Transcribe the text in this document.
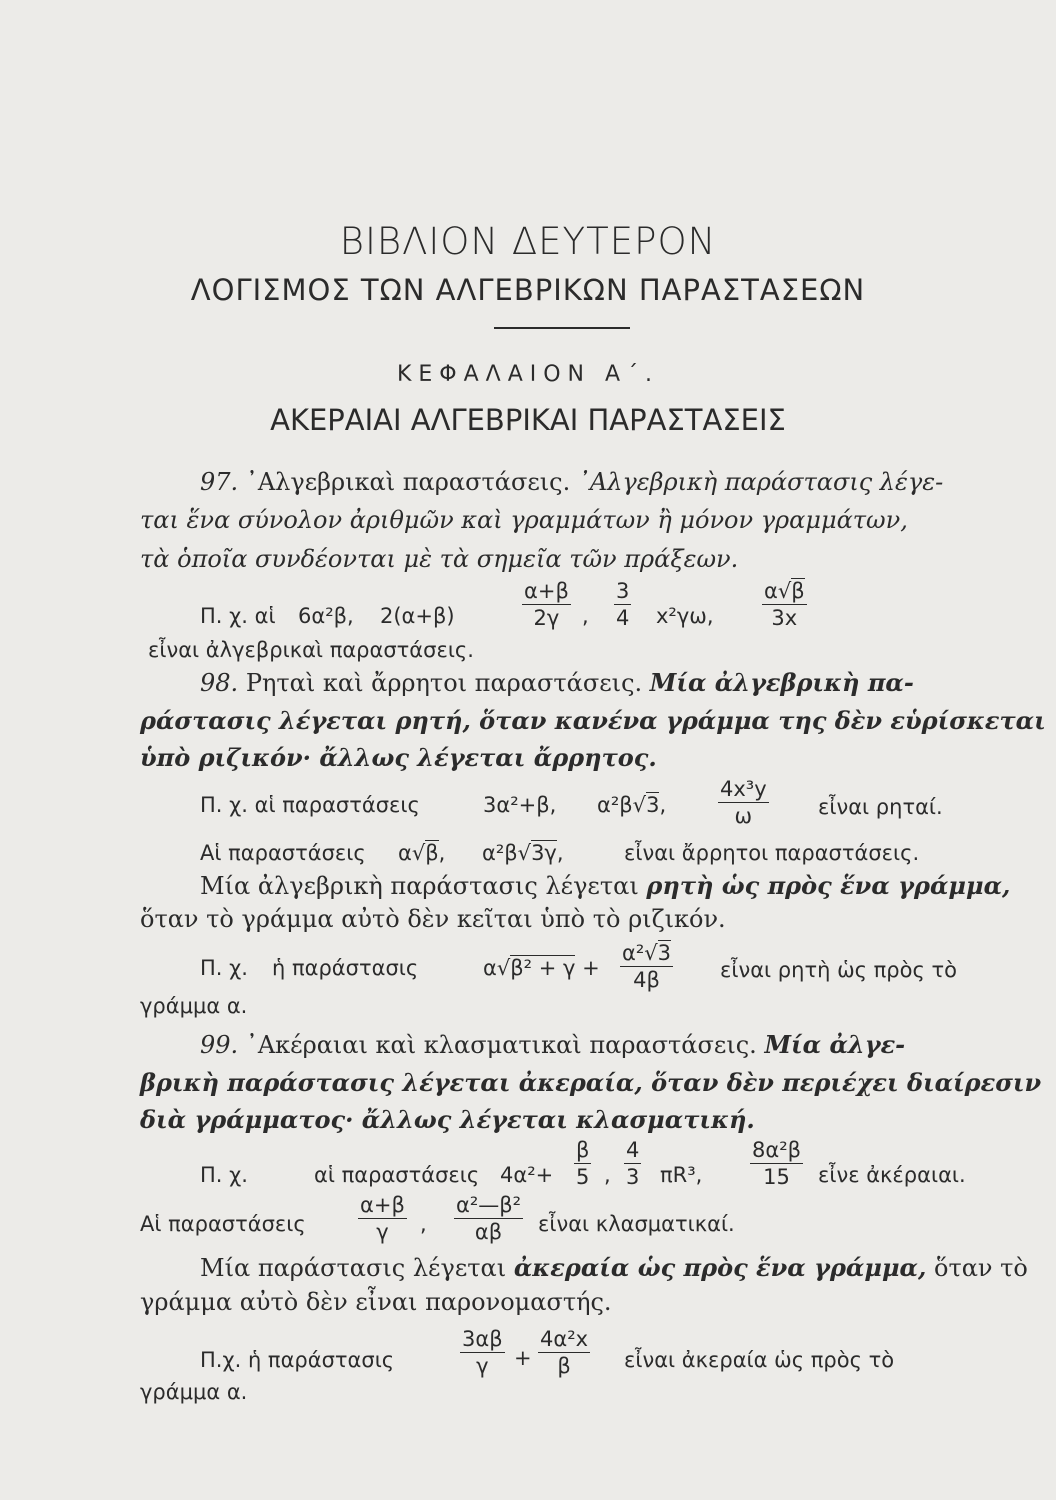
ΒΙΒΛΙΟΝ ΔΕΥΤΕΡΟΝ
ΛΟΓΙΣΜΟΣ ΤΩΝ ΑΛΓΕΒΡΙΚΩΝ ΠΑΡΑΣΤΑΣΕΩΝ
ΚΕΦΑΛΑΙΟΝ Α΄.
ΑΚΕΡΑΙΑΙ ΑΛΓΕΒΡΙΚΑΙ ΠΑΡΑΣΤΑΣΕΙΣ
97. ᾽Αλγεβρικαὶ παραστάσεις. ᾽Αλγεβρικὴ παράστασις λέγε-
ται ἕνα σύνολον ἀριθμῶν καὶ γραμμάτων ἢ μόνον γραμμάτων,
τὰ ὁποῖα συνδέονται μὲ τὰ σημεῖα τῶν πράξεων.
Π. χ. αἱ 6α²β, 2(α+β)	$\frac{\alpha+\beta}{2\gamma}$ , $\frac{3}{4} x^2\gamma\omega$, $\frac{\alpha√\beta}{3x}$
εἶναι ἀλγεβρικαὶ παραστάσεις.
98. Ρηταὶ καὶ ἄρρητοι παραστάσεις. Μία ἀλγεβρικὴ πα-
ράστασις λέγεται ρητή, ὅταν κανένα γράμμα της δὲν εὑρίσκεται
ὑπὸ ριζικόν· ἄλλως λέγεται ἄρρητος.
Π. χ. αἱ παραστάσεις	3α²+β, α²β√3, $\frac{\text{4x³y}}{\omega}$ εἶναι ρηταί.
Αἱ παραστάσεις α√β, α²β√3γ,	εἶναι ἄρρητοι παραστάσεις.
Μία ἀλγεβρικὴ παράστασις λέγεται ρητὴ ὡς πρὸς ἕνα γράμμα,
ὅταν τὸ γράμμα αὐτὸ δὲν κεῖται ὑπὸ τὸ ριζικόν.
Π. χ. ἡ παράστασις	$\alpha√\beta^2 + \gamma + \frac{\text{α²√3}}{4\beta}$ εἶναι ρητὴ ὡς πρὸς τὸ
γράμμα α.
99. ᾽Ακέραιαι καὶ κλασματικαὶ παραστάσεις. Μία ἀλγε-
βρικὴ παράστασις λέγεται ἀκεραία, ὅταν δὲν περιέχει διαίρεσιν
διὰ γράμματος· ἄλλως λέγεται κλασματική.
Π. χ.	αἱ παραστάσεις $4\alpha^2+ \frac{\beta}{5}$ , $\frac{4}{3} \pi R^3$, $\frac{\text{8α²β}}{15}$ εἶνε ἀκέραιαι.
Αἱ παραστάσεις $\frac{\alpha+\beta}{\gamma}$ , $\frac{\text{α²—β²}}{\alpha\beta}$ εἶναι κλασματικαί.
Μία παράστασις λέγεται ἀκεραία ὡς πρὸς ἕνα γράμμα, ὅταν τὸ
γράμμα αὐτὸ δὲν εἶναι παρονομαστής.
Π.χ. ἡ παράστασις	$\frac{3\alpha\beta}{\gamma} + \frac{\text{4α²x}}{\beta}$ εἶναι ἀκεραία ὡς πρὸς τὸ
γράμμα α.
